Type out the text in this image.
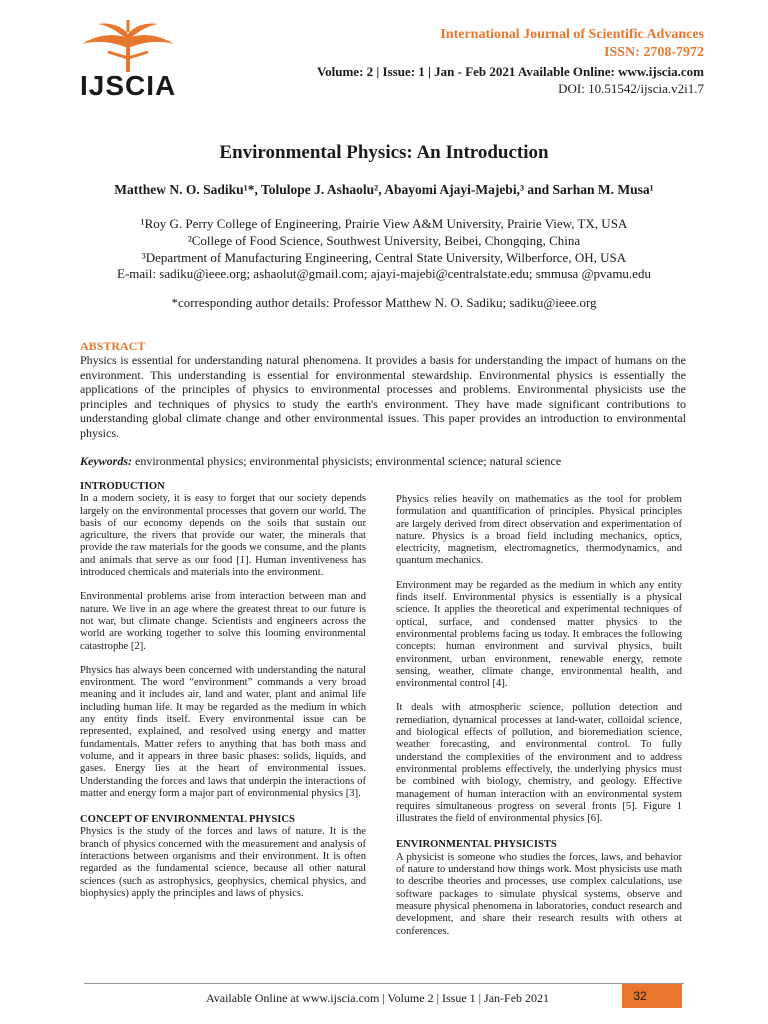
IJSCIA
International Journal of Scientific Advances
ISSN: 2708-7972
Volume: 2 | Issue: 1 | Jan - Feb 2021 Available Online: www.ijscia.com
DOI: 10.51542/ijscia.v2i1.7
Environmental Physics: An Introduction
Matthew N. O. Sadiku¹*, Tolulope J. Ashaolu², Abayomi Ajayi-Majebi,³ and Sarhan M. Musa¹
¹Roy G. Perry College of Engineering, Prairie View A&M University, Prairie View, TX, USA
²College of Food Science, Southwest University, Beibei, Chongqing, China
³Department of Manufacturing Engineering, Central State University, Wilberforce, OH, USA
E-mail: sadiku@ieee.org; ashaolut@gmail.com; ajayi-majebi@centralstate.edu; smmusa @pvamu.edu
*corresponding author details: Professor Matthew N. O. Sadiku; sadiku@ieee.org
ABSTRACT
Physics is essential for understanding natural phenomena. It provides a basis for understanding the impact of humans on the environment. This understanding is essential for environmental stewardship. Environmental physics is essentially the applications of the principles of physics to environmental processes and problems. Environmental physicists use the principles and techniques of physics to study the earth's environment. They have made significant contributions to understanding global climate change and other environmental issues. This paper provides an introduction to environmental physics.
Keywords: environmental physics; environmental physicists; environmental science; natural science
INTRODUCTION

In a modern society, it is easy to forget that our society depends largely on the environmental processes that govern our world. The basis of our economy depends on the soils that sustain our agriculture, the rivers that provide our water, the minerals that provide the raw materials for the goods we consume, and the plants and animals that serve as our food [1]. Human inventiveness has introduced chemicals and materials into the environment.

Environmental problems arise from interaction between man and nature. We live in an age where the greatest threat to our future is not war, but climate change. Scientists and engineers across the world are working together to solve this looming environmental catastrophe [2].

Physics has always been concerned with understanding the natural environment. The word “environment” commands a very broad meaning and it includes air, land and water, plant and animal life including human life. It may be regarded as the medium in which any entity finds itself. Every environmental issue can be represented, explained, and resolved using energy and matter fundamentals. Matter refers to anything that has both mass and volume, and it appears in three basic phases: solids, liquids, and gases. Energy lies at the heart of environmental issues. Understanding the forces and laws that underpin the interactions of matter and energy form a major part of environmental physics [3].

CONCEPT OF ENVIRONMENTAL PHYSICS

Physics is the study of the forces and laws of nature. It is the branch of physics concerned with the measurement and analysis of interactions between organisms and their environment. It is often regarded as the fundamental science, because all other natural sciences (such as astrophysics, geophysics, chemical physics, and biophysics) apply the principles and laws of physics.

Physics relies heavily on mathematics as the tool for problem formulation and quantification of principles. Physical principles are largely derived from direct observation and experimentation of nature. Physics is a broad field including mechanics, optics, electricity, magnetism, electromagnetics, thermodynamics, and quantum mechanics.

Environment may be regarded as the medium in which any entity finds itself. Environmental physics is essentially is a physical science. It applies the theoretical and experimental techniques of optical, surface, and condensed matter physics to the environmental problems facing us today. It embraces the following concepts: human environment and survival physics, built environment, urban environment, renewable energy, remote sensing, weather, climate change, environmental health, and environmental control [4].

It deals with atmospheric science, pollution detection and remediation, dynamical processes at land-water, colloidal science, and biological effects of pollution, and bioremediation science, weather forecasting, and environmental control. To fully understand the complexities of the environment and to address environmental problems effectively, the underlying physics must be combined with biology, chemistry, and geology. Effective management of human interaction with an environmental system requires simultaneous progress on several fronts [5]. Figure 1 illustrates the field of environmental physics [6].

ENVIRONMENTAL PHYSICISTS

A physicist is someone who studies the forces, laws, and behavior of nature to understand how things work. Most physicists use math to describe theories and processes, use complex calculations, use software packages to simulate physical systems, observe and measure physical phenomena in laboratories, conduct research and development, and share their research results with others at conferences.

Available Online at www.ijscia.com | Volume 2 | Issue 1 | Jan-Feb 2021	32
